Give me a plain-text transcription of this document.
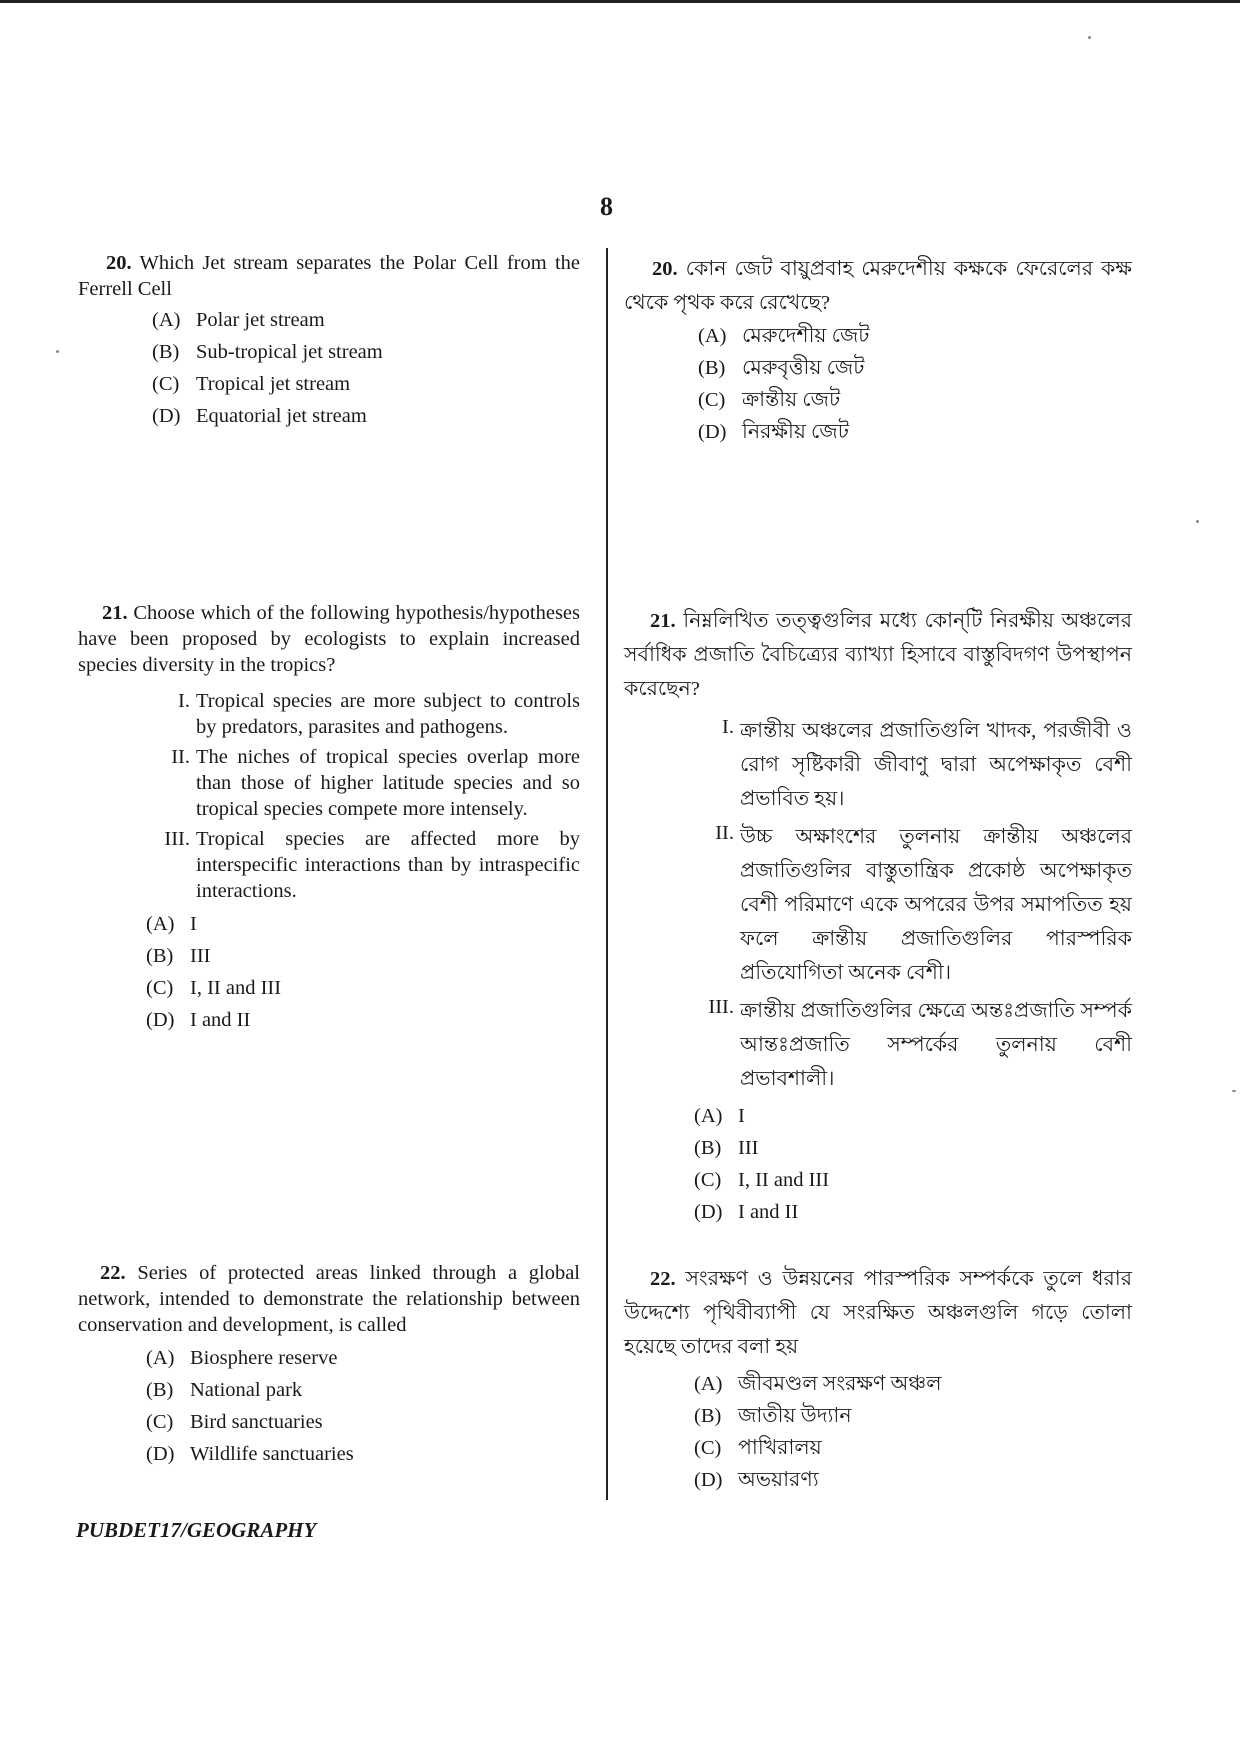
8
20. Which Jet stream separates the Polar Cell from the Ferrell Cell
(A) Polar jet stream
(B) Sub-tropical jet stream
(C) Tropical jet stream
(D) Equatorial jet stream
21. Choose which of the following hypothesis/hypotheses have been proposed by ecologists to explain increased species diversity in the tropics?
I. Tropical species are more subject to controls by predators, parasites and pathogens.
II. The niches of tropical species overlap more than those of higher latitude species and so tropical species compete more intensely.
III. Tropical species are affected more by interspecific interactions than by intraspecific interactions.
(A) I
(B) III
(C) I, II and III
(D) I and II
22. Series of protected areas linked through a global network, intended to demonstrate the relationship between conservation and development, is called
(A) Biosphere reserve
(B) National park
(C) Bird sanctuaries
(D) Wildlife sanctuaries
20. কোন জেট বায়ুপ্রবাহ মেরুদেশীয় কক্ষকে ফেরেলের কক্ষ থেকে পৃথক করে রেখেছে?
(A) মেরুদেশীয় জেট
(B) মেরুবৃত্তীয় জেট
(C) ক্রান্তীয় জেট
(D) নিরক্ষীয় জেট
21. নিম্নলিখিত তত্ত্বগুলির মধ্যে কোন্‌টি নিরক্ষীয় অঞ্চলের সর্বাধিক প্রজাতি বৈচিত্র্যের ব্যাখ্যা হিসাবে বাস্তুবিদগণ উপস্থাপন করেছেন?
I. ক্রান্তীয় অঞ্চলের প্রজাতিগুলি খাদক, পরজীবী ও রোগ সৃষ্টিকারী জীবাণু দ্বারা অপেক্ষাকৃত বেশী প্রভাবিত হয়।
II. উচ্চ অক্ষাংশের তুলনায় ক্রান্তীয় অঞ্চলের প্রজাতিগুলির বাস্তুতান্ত্রিক প্রকোষ্ঠ অপেক্ষাকৃত বেশী পরিমাণে একে অপরের উপর সমাপতিত হয় ফলে ক্রান্তীয় প্রজাতিগুলির পারস্পরিক প্রতিযোগিতা অনেক বেশী।
III. ক্রান্তীয় প্রজাতিগুলির ক্ষেত্রে অন্তঃপ্রজাতি সম্পর্ক আন্তঃপ্রজাতি সম্পর্কের তুলনায় বেশী প্রভাবশালী।
(A) I
(B) III
(C) I, II and III
(D) I and II
22. সংরক্ষণ ও উন্নয়নের পারস্পরিক সম্পর্ককে তুলে ধরার উদ্দেশ্যে পৃথিবীব্যাপী যে সংরক্ষিত অঞ্চলগুলি গড়ে তোলা হয়েছে তাদের বলা হয়
(A) জীবমণ্ডল সংরক্ষণ অঞ্চল
(B) জাতীয় উদ্যান
(C) পাখিরালয়
(D) অভয়ারণ্য
PUBDET17/GEOGRAPHY
